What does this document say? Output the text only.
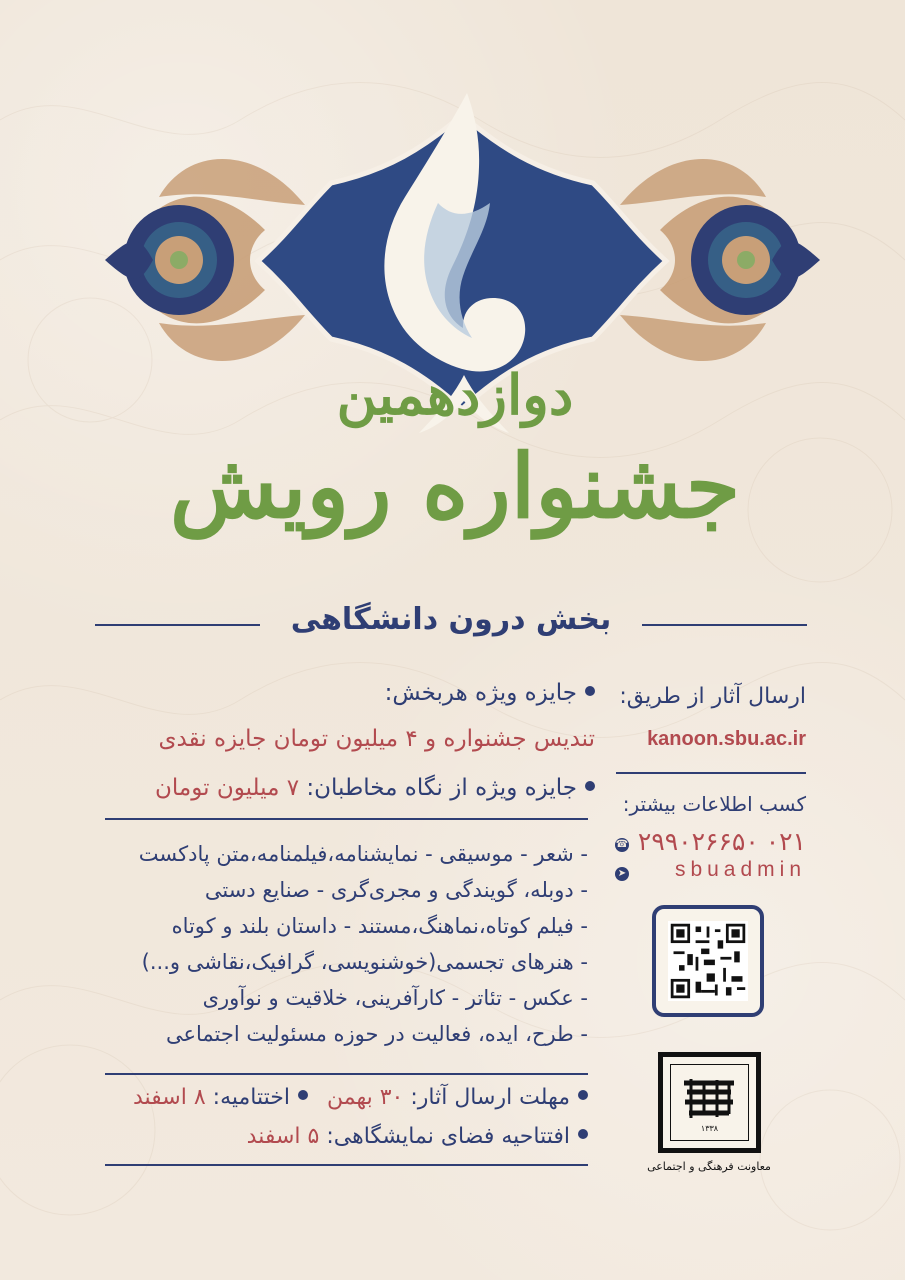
دوازدهمین
جشنواره رویش
بخش درون دانشگاهی
جایزه ویژه هربخش:
تندیس جشنواره و ۴ میلیون تومان جایزه نقدی
جایزه ویژه از نگاه مخاطبان: ۷ میلیون تومان
- شعر - موسیقی - نمایشنامه،فیلمنامه،متن پادکست
- دوبله، گویندگی و مجری‌گری - صنایع دستی
- فیلم کوتاه،نماهنگ،مستند - داستان بلند و کوتاه
- هنرهای تجسمی(خوشنویسی، گرافیک،نقاشی و...)
- عکس - تئاتر - کارآفرینی، خلاقیت و نوآوری
- طرح، ایده، فعالیت در حوزه مسئولیت اجتماعی
مهلت ارسال آثار: ۳۰ بهمن اختتامیه: ۸ اسفند
افتتاحیه فضای نمایشگاهی: ۵ اسفند
ارسال آثار از طریق:
kanoon.sbu.ac.ir
کسب اطلاعات بیشتر:
۰۲۱ ۲۹۹۰۲۶۶۵۰
sbuadmin
☎
➤
۱۳۳۸
معاونت فرهنگی و اجتماعی
